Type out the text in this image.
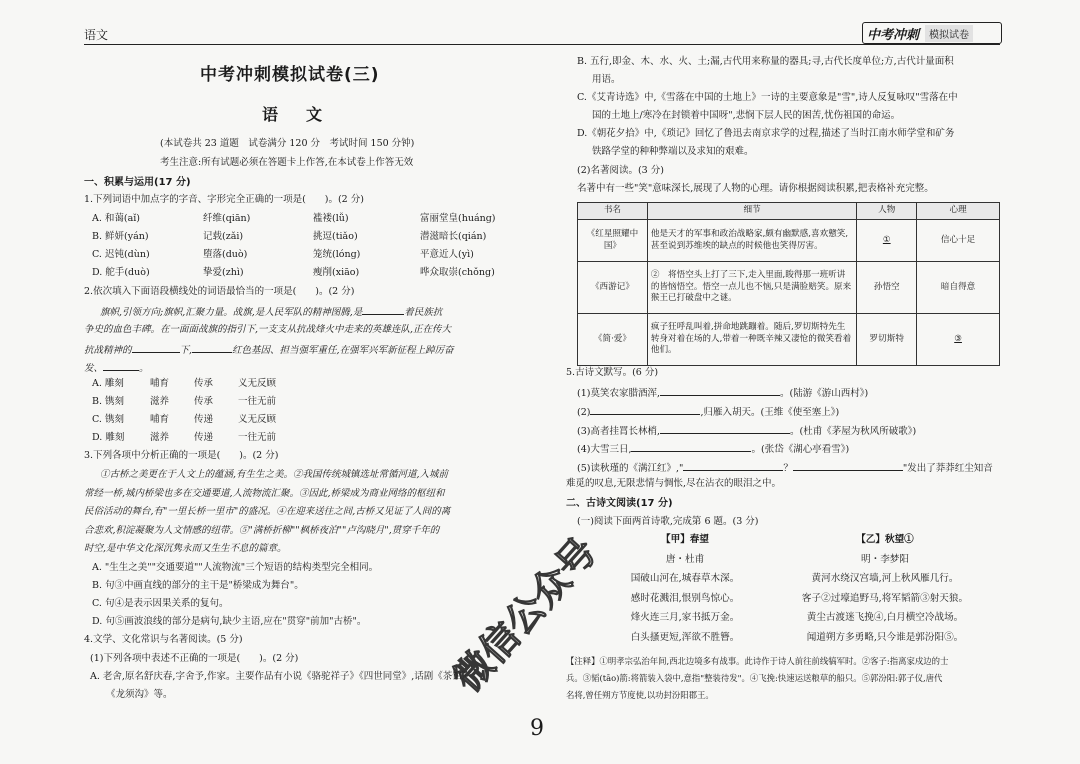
语文	中考冲刺	模拟试卷
中考冲刺模拟试卷(三)
语文
(本试卷共 23 道题　试卷满分 120 分　考试时间 150 分钟)
考生注意:所有试题必须在答题卡上作答,在本试卷上作答无效
一、积累与运用(17 分)
1.下列词语中加点字的字音、字形完全正确的一项是(　　)。(2 分)
A. 和蔼(aǐ)	纤维(qiān)	褴褛(lǚ)	富丽堂皇(huáng)
B. 鲜妍(yán)	记载(zǎi)	挑逗(tiǎo)	潜滋暗长(qián)
C. 迟钝(dùn)	堕落(duò)	笼统(lóng)	平意近人(yì)
D. 舵手(duò)	挚爱(zhì)	瘦削(xiāo)	哗众取崇(chǒng)
2.依次填入下面语段横线处的词语最恰当的一项是(　　)。(2 分)
旗帜,引领方向;旗帜,汇聚力量。战旗,是人民军队的精神图腾,是	着民族抗
争史的血色丰碑。在一面面战旗的指引下,一支支从抗战烽火中走来的英雄连队,正在传大
抗战精神的	下,	红色基因、担当强军重任,在强军兴军新征程上踔厉奋
发、	。
A. 雕刻	哺育	传承	义无反顾
B. 镌刻	滋养	传承	一往无前
C. 镌刻	哺育	传递	义无反顾
D. 雕刻	滋养	传递	一往无前
3.下列各项中分析正确的一项是(　　)。(2 分)
①古桥之美更在于人文上的蕴涵,有生生之美。②我国传统城镇选址常循河道,入城前
常经一桥,城内桥梁也多在交通要道,人流物流汇聚。③因此,桥梁成为商业网络的枢纽和
民俗活动的舞台,有"一里长桥一里市"的盛况。④在迎来送往之间,古桥又见证了人间的离
合悲欢,积淀凝聚为人文情感的纽带。⑤"满桥折柳""枫桥夜泊""卢沟晓月",贯穿千年的
时空,是中华文化深沉隽永而又生生不息的篇章。
A. "生生之美""交通要道""人流物流"三个短语的结构类型完全相同。
B. 句③中画直线的部分的主干是"桥梁成为舞台"。
C. 句④是表示因果关系的复句。
D. 句⑤画波浪线的部分是病句,缺少主语,应在"贯穿"前加"古桥"。
4.文学、文化常识与名著阅读。(5 分)
(1)下列各项中表述不正确的一项是(　　)。(2 分)
A. 老舍,原名舒庆春,字舍予,作家。主要作品有小说《骆驼祥子》《四世同堂》,话剧《茶馆》
《龙须沟》等。
B. 五行,即金、木、水、火、土;漏,古代用来称量的器具;寻,古代长度单位;方,古代计量面积
用语。
C.《艾青诗选》中,《雪落在中国的土地上》一诗的主要意象是"雪",诗人反复咏叹"雪落在中
国的土地上/寒冷在封锁着中国呀",悲悯下层人民的困苦,忧伤祖国的命运。
D.《朝花夕拾》中,《琐记》回忆了鲁迅去南京求学的过程,描述了当时江南水师学堂和矿务
铁路学堂的种种弊端以及求知的艰难。
(2)名著阅读。(3 分)
名著中有一些"笑"意味深长,展现了人物的心理。请你根据阅读积累,把表格补充完整。
书名	细节	人物	心理
《红星照耀中国》	他是天才的军事和政治战略家,颇有幽默感,喜欢戆笑,甚至说到苏维埃的缺点的时候他也笑得厉害。	①	信心十足
《西游记》	②　将悟空头上打了三下,走入里面,睃得那一班听讲的皆恼悟空。悟空一点儿也不恼,只是满脸赔笑。原来猴王已打破盘中之谜。	孙悟空	暗自得意
《简·爱》	疯子狂呼乱叫着,拼命地跳蹦着。随后,罗切斯特先生转身对着在场的人,带着一种既辛辣又凄怆的微笑看着他们。	罗切斯特	③
5.古诗文默写。(6 分)
(1)莫笑农家腊酒浑,	。(陆游《游山西村》)
(2)	,归雁入胡天。(王维《使至塞上》)
(3)高者挂罥长林梢,	。(杜甫《茅屋为秋风所破歌》)
(4)大雪三日,	。(张岱《湖心亭看雪》)
(5)读秋瑾的《满江红》,"	？	"发出了莽莽红尘知音
难觅的叹息,无限悲情与惆怅,尽在沾衣的眼泪之中。
二、古诗文阅读(17 分)
(一)阅读下面两首诗歌,完成第 6 题。(3 分)
【甲】春望
唐・杜甫
国破山河在,城春草木深。
感时花溅泪,恨别鸟惊心。
烽火连三月,家书抵万金。
白头搔更短,浑欲不胜簪。
【乙】秋望①
明・李梦阳
黄河水绕汉宫墙,河上秋风雁几行。
客子②过壕追野马,将军韬箭③射天狼。
黄尘古渡迷飞挽④,白月横空冷战场。
闻道朔方多勇略,只今谁是郭汾阳⑤。
【注释】①明孝宗弘治年间,西北边境多有战事。此诗作于诗人前往前线犒军时。②客子:指离家戍边的士
兵。③韬(tāo)箭:将箭装入袋中,意指"整装待发"。④飞挽:快速运送粮草的船只。⑤郭汾阳:郭子仪,唐代
名将,曾任朔方节度使,以功封汾阳郡王。
微信公众号
9
